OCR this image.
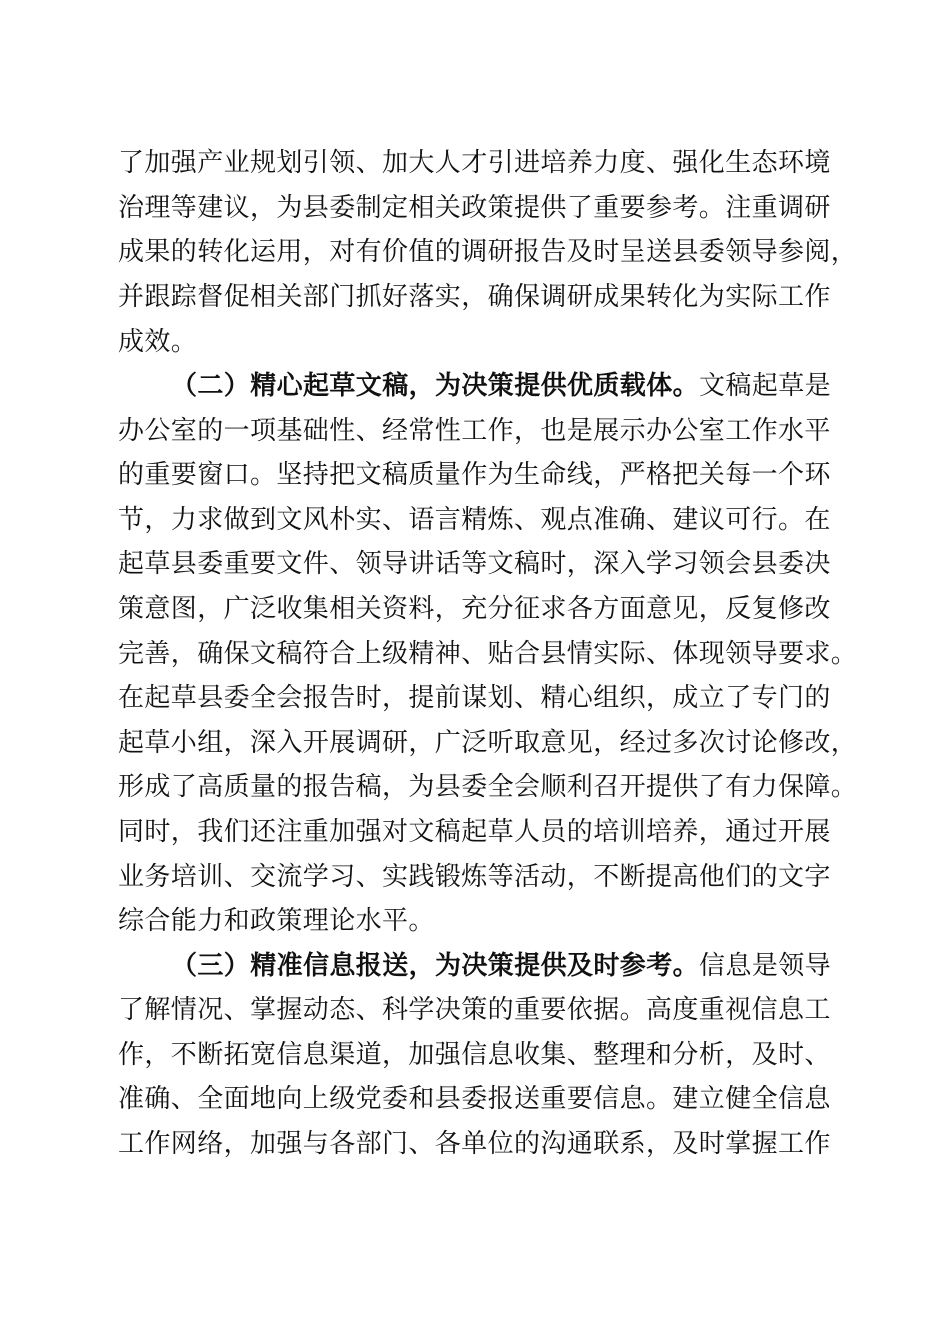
了加强产业规划引领、加大人才引进培养力度、强化生态环境
治理等建议，为县委制定相关政策提供了重要参考。注重调研
成果的转化运用，对有价值的调研报告及时呈送县委领导参阅，
并跟踪督促相关部门抓好落实，确保调研成果转化为实际工作
成效。
（二）精心起草文稿，为决策提供优质载体。文稿起草是
办公室的一项基础性、经常性工作，也是展示办公室工作水平
的重要窗口。坚持把文稿质量作为生命线，严格把关每一个环
节，力求做到文风朴实、语言精炼、观点准确、建议可行。在
起草县委重要文件、领导讲话等文稿时，深入学习领会县委决
策意图，广泛收集相关资料，充分征求各方面意见，反复修改
完善，确保文稿符合上级精神、贴合县情实际、体现领导要求。
在起草县委全会报告时，提前谋划、精心组织，成立了专门的
起草小组，深入开展调研，广泛听取意见，经过多次讨论修改，
形成了高质量的报告稿，为县委全会顺利召开提供了有力保障。
同时，我们还注重加强对文稿起草人员的培训培养，通过开展
业务培训、交流学习、实践锻炼等活动，不断提高他们的文字
综合能力和政策理论水平。
（三）精准信息报送，为决策提供及时参考。信息是领导
了解情况、掌握动态、科学决策的重要依据。高度重视信息工
作，不断拓宽信息渠道，加强信息收集、整理和分析，及时、
准确、全面地向上级党委和县委报送重要信息。建立健全信息
工作网络，加强与各部门、各单位的沟通联系，及时掌握工作
